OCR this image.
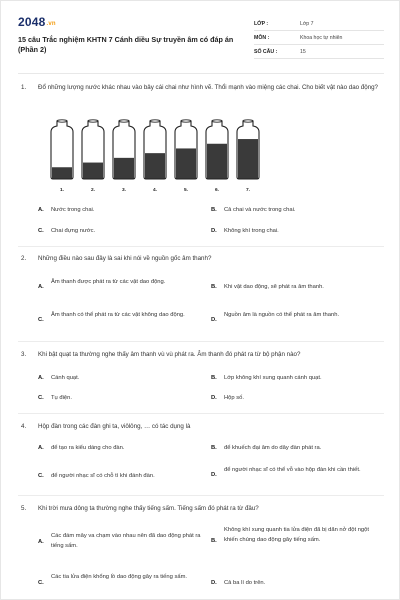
2048.vn
15 câu Trắc nghiệm KHTN 7 Cánh diều Sự truyền âm có đáp án (Phần 2)
LỚP :	Lớp 7
MÔN :	Khoa học tự nhiên
SỐ CÂU :	15
1. Đổ những lượng nước khác nhau vào bảy cái chai như hình vẽ. Thổi mạnh vào miệng các chai. Cho biết vật nào dao động?
1.	2.	3.	4.	5.	6.	7.
A. Nước trong chai.	B. Cả chai và nước trong chai.
C. Chai đựng nước.	D. Không khí trong chai.
2. Những điều nào sau đây là sai khi nói về nguồn gốc âm thanh?
A.
Âm thanh được phát ra từ các vật dao động.
B. Khi vật dao động, sẽ phát ra âm thanh.
C.
Âm thanh có thể phát ra từ các vật không dao động.
D.
Nguồn âm là nguồn có thể phát ra âm thanh.
3. Khi bật quạt ta thường nghe thấy âm thanh vù vù phát ra. Âm thanh đó phát ra từ bộ phận nào?
A. Cánh quạt.	B. Lớp không khí xung quanh cánh quạt.
C. Tụ điện.	D. Hộp số.
4. Hộp đàn trong các đàn ghi ta, viôlông, … có tác dụng là
A. để tạo ra kiểu dáng cho đàn.	B. để khuếch đại âm do dây đàn phát ra.
C. để người nhạc sĩ có chỗ tì khi đánh đàn.	D.
để người nhạc sĩ có thể vỗ vào hộp đàn khi cần thiết.
5. Khi trời mưa dông ta thường nghe thấy tiếng sấm. Tiếng sấm đó phát ra từ đâu?
A.
Các đám mây va chạm vào nhau nên đã dao động phát ra tiếng sấm.
B.
Không khí xung quanh tia lửa điện đã bị dãn nở đột ngột khiến chúng dao động gây tiếng sấm.
C.
Các tia lửa điện khổng lồ dao động gây ra tiếng sấm.
D. Cả ba lí do trên.
